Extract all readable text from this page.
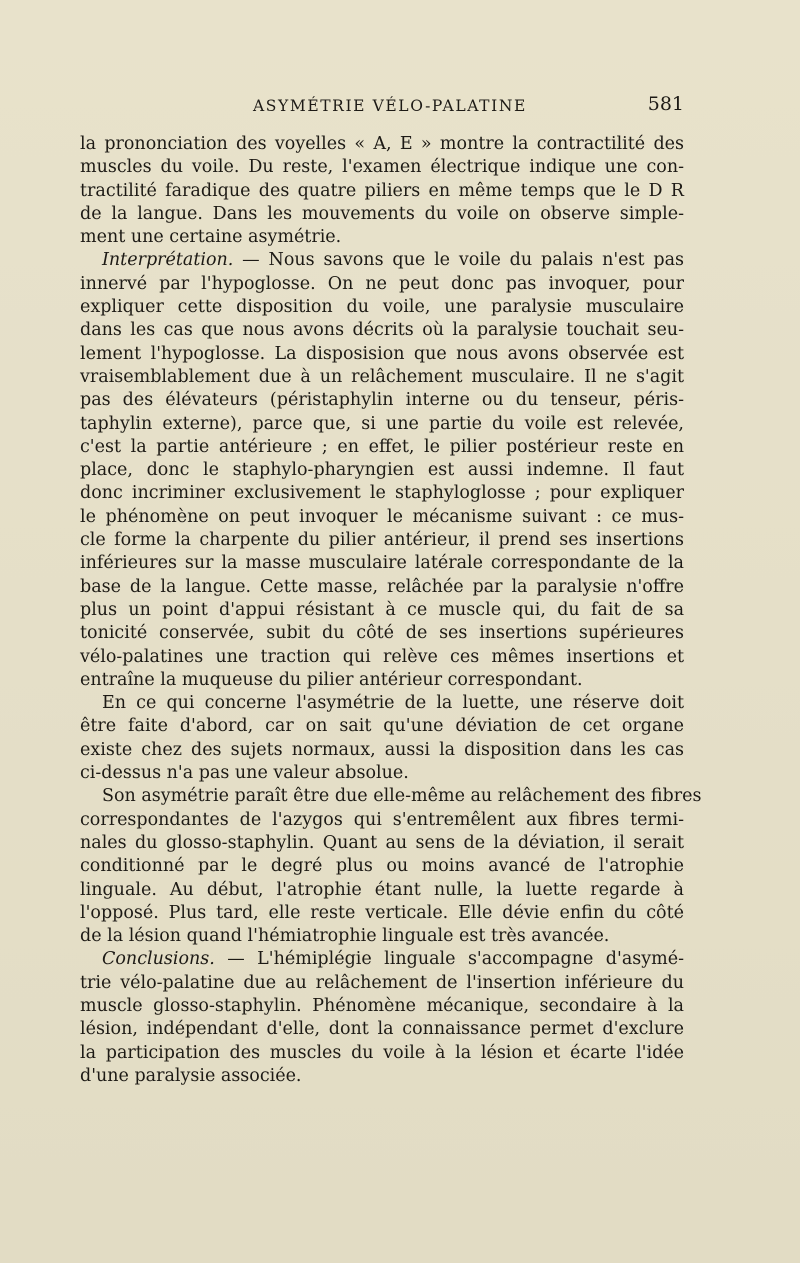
ASYMÉTRIE VÉLO-PALATINE	581
la prononciation des voyelles « A, E » montre la contractilité des
muscles du voile. Du reste, l'examen électrique indique une con-
tractilité faradique des quatre piliers en même temps que le D R
de la langue. Dans les mouvements du voile on observe simple-
ment une certaine asymétrie.
Interprétation. — Nous savons que le voile du palais n'est pas
innervé par l'hypoglosse. On ne peut donc pas invoquer, pour
expliquer cette disposition du voile, une paralysie musculaire
dans les cas que nous avons décrits où la paralysie touchait seu-
lement l'hypoglosse. La disposision que nous avons observée est
vraisemblablement due à un relâchement musculaire. Il ne s'agit
pas des élévateurs (péristaphylin interne ou du tenseur, péris-
taphylin externe), parce que, si une partie du voile est relevée,
c'est la partie antérieure ; en effet, le pilier postérieur reste en
place, donc le staphylo-pharyngien est aussi indemne. Il faut
donc incriminer exclusivement le staphyloglosse ; pour expliquer
le phénomène on peut invoquer le mécanisme suivant : ce mus-
cle forme la charpente du pilier antérieur, il prend ses insertions
inférieures sur la masse musculaire latérale correspondante de la
base de la langue. Cette masse, relâchée par la paralysie n'offre
plus un point d'appui résistant à ce muscle qui, du fait de sa
tonicité conservée, subit du côté de ses insertions supérieures
vélo-palatines une traction qui relève ces mêmes insertions et
entraîne la muqueuse du pilier antérieur correspondant.
En ce qui concerne l'asymétrie de la luette, une réserve doit
être faite d'abord, car on sait qu'une déviation de cet organe
existe chez des sujets normaux, aussi la disposition dans les cas
ci-dessus n'a pas une valeur absolue.
Son asymétrie paraît être due elle-même au relâchement des fibres
correspondantes de l'azygos qui s'entremêlent aux fibres termi-
nales du glosso-staphylin. Quant au sens de la déviation, il serait
conditionné par le degré plus ou moins avancé de l'atrophie
linguale. Au début, l'atrophie étant nulle, la luette regarde à
l'opposé. Plus tard, elle reste verticale. Elle dévie enfin du côté
de la lésion quand l'hémiatrophie linguale est très avancée.
Conclusions. — L'hémiplégie linguale s'accompagne d'asymé-
trie vélo-palatine due au relâchement de l'insertion inférieure du
muscle glosso-staphylin. Phénomène mécanique, secondaire à la
lésion, indépendant d'elle, dont la connaissance permet d'exclure
la participation des muscles du voile à la lésion et écarte l'idée
d'une paralysie associée.
